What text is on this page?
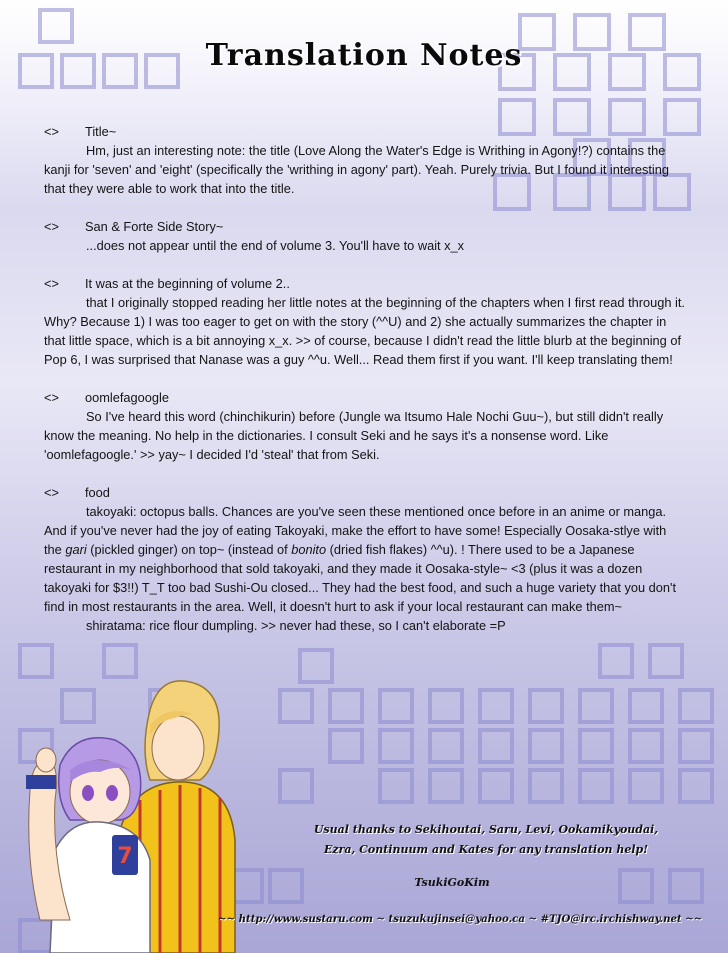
Translation Notes
<>	Title~

Hm, just an interesting note: the title (Love Along the Water's Edge is Writhing in Agony!?) contains the kanji for 'seven' and 'eight' (specifically the 'writhing in agony' part). Yeah. Purely trivia. But I found it interesting that they were able to work that into the title.

<>	San & Forte Side Story~

...does not appear until the end of volume 3. You'll have to wait x_x

<>	It was at the beginning of volume 2..

that I originally stopped reading her little notes at the beginning of the chapters when I first read through it. Why? Because 1) I was too eager to get on with the story (^^U) and 2) she actually summarizes the chapter in that little space, which is a bit annoying x_x. >> of course, because I didn't read the little blurb at the beginning of Pop 6, I was surprised that Nanase was a guy ^^u. Well... Read them first if you want. I'll keep translating them!

<>	oomlefagoogle

So I've heard this word (chinchikurin) before (Jungle wa Itsumo Hale Nochi Guu~), but still didn't really know the meaning. No help in the dictionaries. I consult Seki and he says it's a nonsense word. Like 'oomlefagoogle.' >> yay~ I decided I'd 'steal' that from Seki.

<>	food

takoyaki: octopus balls. Chances are you've seen these mentioned once before in an anime or manga. And if you've never had the joy of eating Takoyaki, make the effort to have some! Especially Oosaka-stlye with the gari (pickled ginger) on top~ (instead of bonito (dried fish flakes) ^^u). ! There used to be a Japanese restaurant in my neighborhood that sold takoyaki, and they made it Oosaka-style~ <3 (plus it was a dozen takoyaki for $3!!) T_T too bad Sushi-Ou closed... They had the best food, and such a huge variety that you don't find in most restaurants in the area. Well, it doesn't hurt to ask if your local restaurant can make them~

shiratama: rice flour dumpling. >> never had these, so I can't elaborate =P

7
Usual thanks to Sekihoutai, Saru, Levi, Ookamikyoudai,
Ezra, Continuum and Kates for any translation help!
TsukiGoKim
~~ http://www.sustaru.com ~ tsuzukujinsei@yahoo.ca ~ #TJO@irc.irchishway.net ~~
